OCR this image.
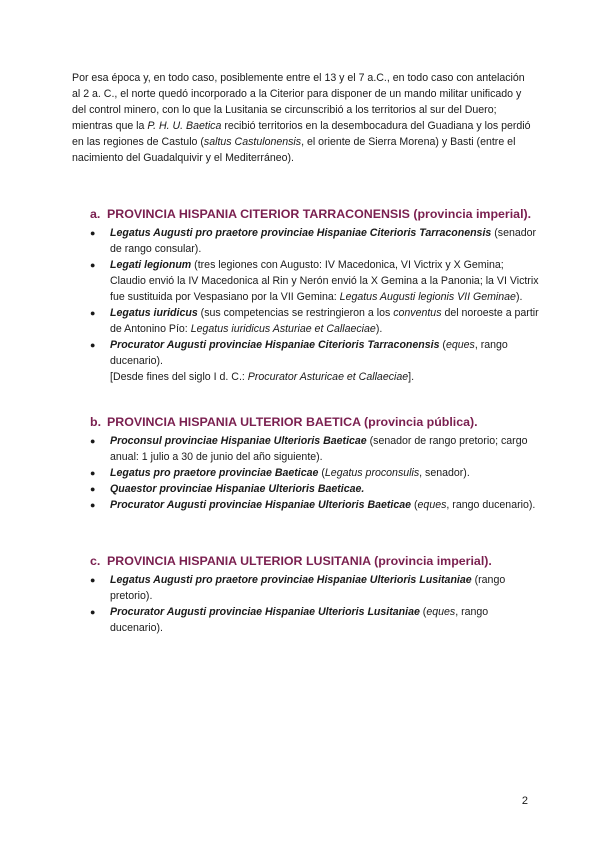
Por esa época y, en todo caso, posiblemente entre el 13 y el 7 a.C., en todo caso con antelación al 2 a. C., el norte quedó incorporado a la Citerior para disponer de un mando militar unificado y del control minero, con lo que la Lusitania se circunscribió a los territorios al sur del Duero; mientras que la P. H. U. Baetica recibió territorios en la desembocadura del Guadiana y los perdió en las regiones de Castulo (saltus Castulonensis, el oriente de Sierra Morena) y Basti (entre el nacimiento del Guadalquivir y el Mediterráneo).

a. PROVINCIA HISPANIA CITERIOR TARRACONENSIS (provincia imperial).
●	Legatus Augusti pro praetore provinciae Hispaniae Citerioris Tarraconensis (senador de rango consular).
●	Legati legionum (tres legiones con Augusto: IV Macedonica, VI Victrix y X Gemina; Claudio envió la IV Macedonica al Rin y Nerón envió la X Gemina a la Panonia; la VI Victrix fue sustituida por Vespasiano por la VII Gemina: Legatus Augusti legionis VII Geminae).
●	Legatus iuridicus (sus competencias se restringieron a los conventus del noroeste a partir de Antonino Pío: Legatus iuridicus Asturiae et Callaeciae).
●	Procurator Augusti provinciae Hispaniae Citerioris Tarraconensis (eques, rango ducenario).
[Desde fines del siglo I d. C.: Procurator Asturicae et Callaeciae].
b. PROVINCIA HISPANIA ULTERIOR BAETICA (provincia pública).
●	Proconsul provinciae Hispaniae Ulterioris Baeticae (senador de rango pretorio; cargo anual: 1 julio a 30 de junio del año siguiente).
●	Legatus pro praetore provinciae Baeticae (Legatus proconsulis, senador).
●	Quaestor provinciae Hispaniae Ulterioris Baeticae.
●	Procurator Augusti provinciae Hispaniae Ulterioris Baeticae (eques, rango ducenario).
c. PROVINCIA HISPANIA ULTERIOR LUSITANIA (provincia imperial).
●	Legatus Augusti pro praetore provinciae Hispaniae Ulterioris Lusitaniae (rango pretorio).
●	Procurator Augusti provinciae Hispaniae Ulterioris Lusitaniae (eques, rango ducenario).
2
